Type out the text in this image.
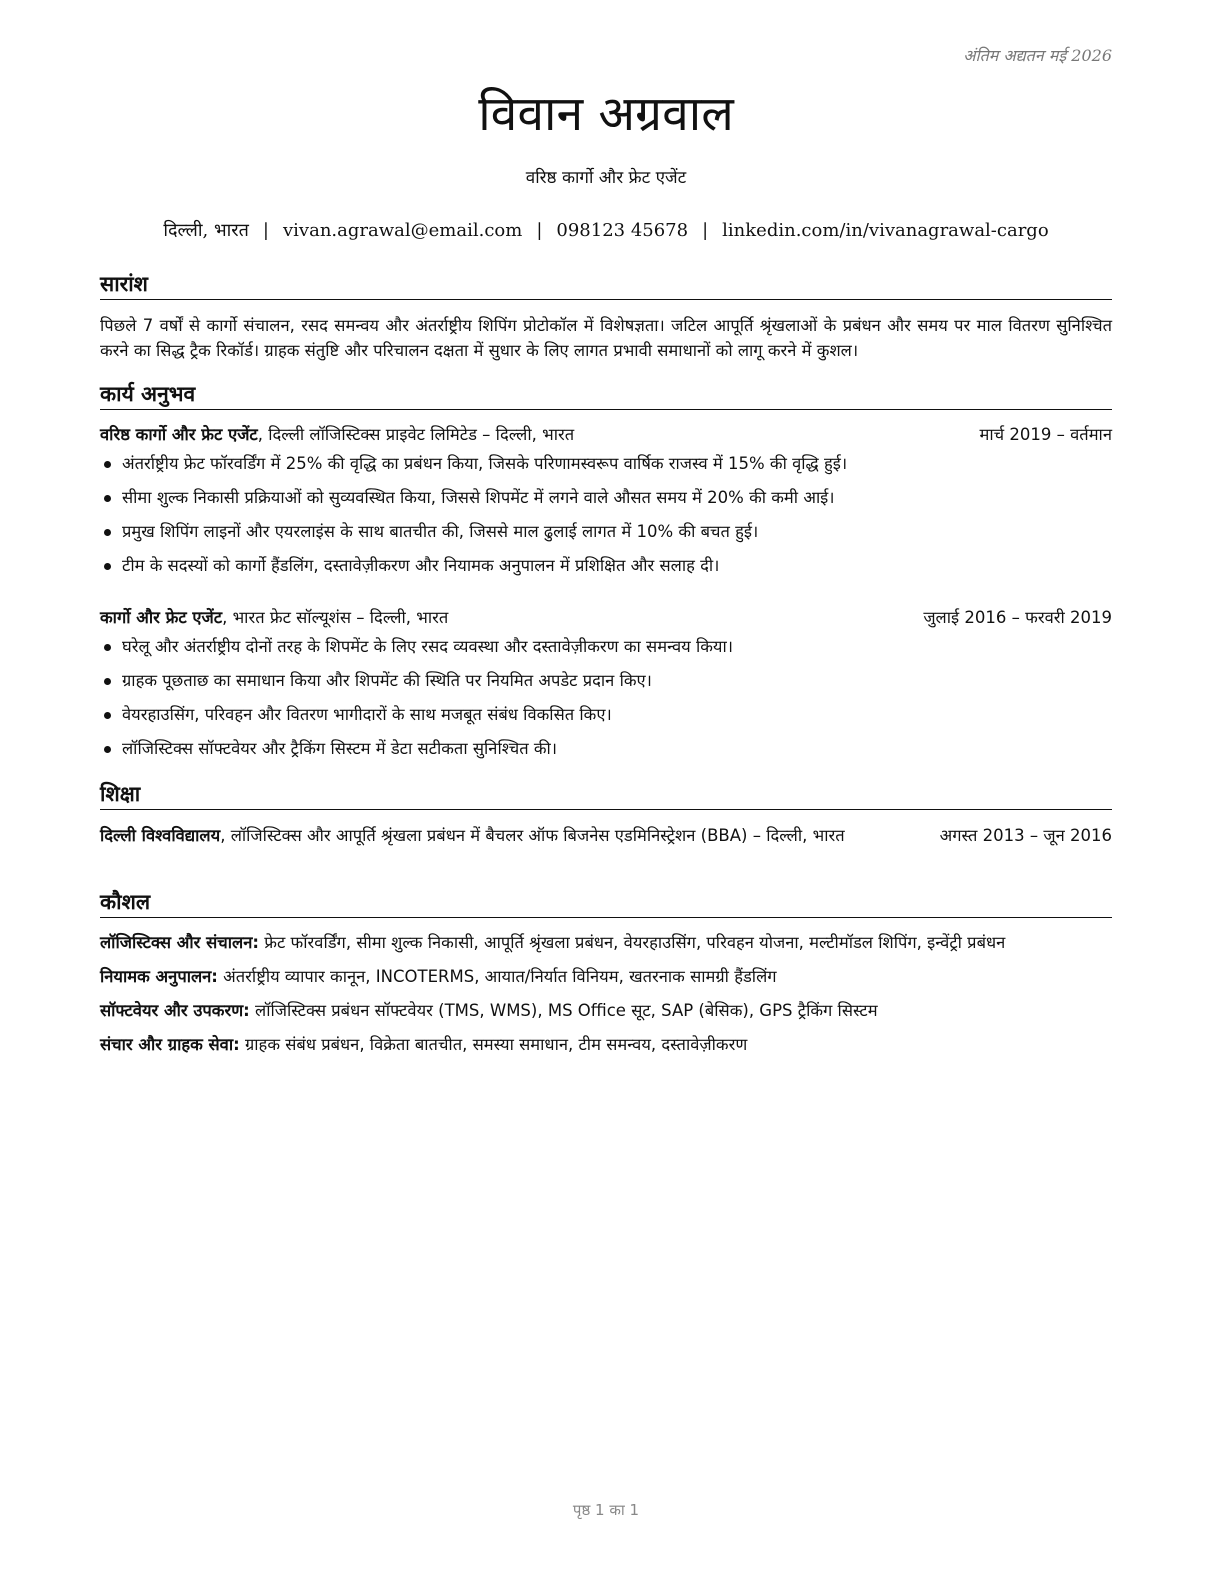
अंतिम अद्यतन मई 2026
विवान अग्रवाल
वरिष्ठ कार्गो और फ्रेट एजेंट
दिल्ली, भारत | vivan.agrawal@email.com | 098123 45678 | linkedin.com/in/vivanagrawal-cargo
सारांश
पिछले 7 वर्षों से कार्गो संचालन, रसद समन्वय और अंतर्राष्ट्रीय शिपिंग प्रोटोकॉल में विशेषज्ञता। जटिल आपूर्ति श्रृंखलाओं के प्रबंधन और समय पर माल वितरण सुनिश्चित करने का सिद्ध ट्रैक रिकॉर्ड। ग्राहक संतुष्टि और परिचालन दक्षता में सुधार के लिए लागत प्रभावी समाधानों को लागू करने में कुशल।
कार्य अनुभव
वरिष्ठ कार्गो और फ्रेट एजेंट, दिल्ली लॉजिस्टिक्स प्राइवेट लिमिटेड – दिल्ली, भारत	मार्च 2019 – वर्तमान
अंतर्राष्ट्रीय फ्रेट फॉरवर्डिंग में 25% की वृद्धि का प्रबंधन किया, जिसके परिणामस्वरूप वार्षिक राजस्व में 15% की वृद्धि हुई।
सीमा शुल्क निकासी प्रक्रियाओं को सुव्यवस्थित किया, जिससे शिपमेंट में लगने वाले औसत समय में 20% की कमी आई।
प्रमुख शिपिंग लाइनों और एयरलाइंस के साथ बातचीत की, जिससे माल ढुलाई लागत में 10% की बचत हुई।
टीम के सदस्यों को कार्गो हैंडलिंग, दस्तावेज़ीकरण और नियामक अनुपालन में प्रशिक्षित और सलाह दी।
कार्गो और फ्रेट एजेंट, भारत फ्रेट सॉल्यूशंस – दिल्ली, भारत	जुलाई 2016 – फरवरी 2019
घरेलू और अंतर्राष्ट्रीय दोनों तरह के शिपमेंट के लिए रसद व्यवस्था और दस्तावेज़ीकरण का समन्वय किया।
ग्राहक पूछताछ का समाधान किया और शिपमेंट की स्थिति पर नियमित अपडेट प्रदान किए।
वेयरहाउसिंग, परिवहन और वितरण भागीदारों के साथ मजबूत संबंध विकसित किए।
लॉजिस्टिक्स सॉफ्टवेयर और ट्रैकिंग सिस्टम में डेटा सटीकता सुनिश्चित की।
शिक्षा
दिल्ली विश्वविद्यालय, लॉजिस्टिक्स और आपूर्ति श्रृंखला प्रबंधन में बैचलर ऑफ बिजनेस एडमिनिस्ट्रेशन (BBA) – दिल्ली, भारत	अगस्त 2013 – जून 2016
कौशल
लॉजिस्टिक्स और संचालन: फ्रेट फॉरवर्डिंग, सीमा शुल्क निकासी, आपूर्ति श्रृंखला प्रबंधन, वेयरहाउसिंग, परिवहन योजना, मल्टीमॉडल शिपिंग, इन्वेंट्री प्रबंधन
नियामक अनुपालन: अंतर्राष्ट्रीय व्यापार कानून, INCOTERMS, आयात/निर्यात विनियम, खतरनाक सामग्री हैंडलिंग
सॉफ्टवेयर और उपकरण: लॉजिस्टिक्स प्रबंधन सॉफ्टवेयर (TMS, WMS), MS Office सूट, SAP (बेसिक), GPS ट्रैकिंग सिस्टम
संचार और ग्राहक सेवा: ग्राहक संबंध प्रबंधन, विक्रेता बातचीत, समस्या समाधान, टीम समन्वय, दस्तावेज़ीकरण
पृष्ठ 1 का 1
